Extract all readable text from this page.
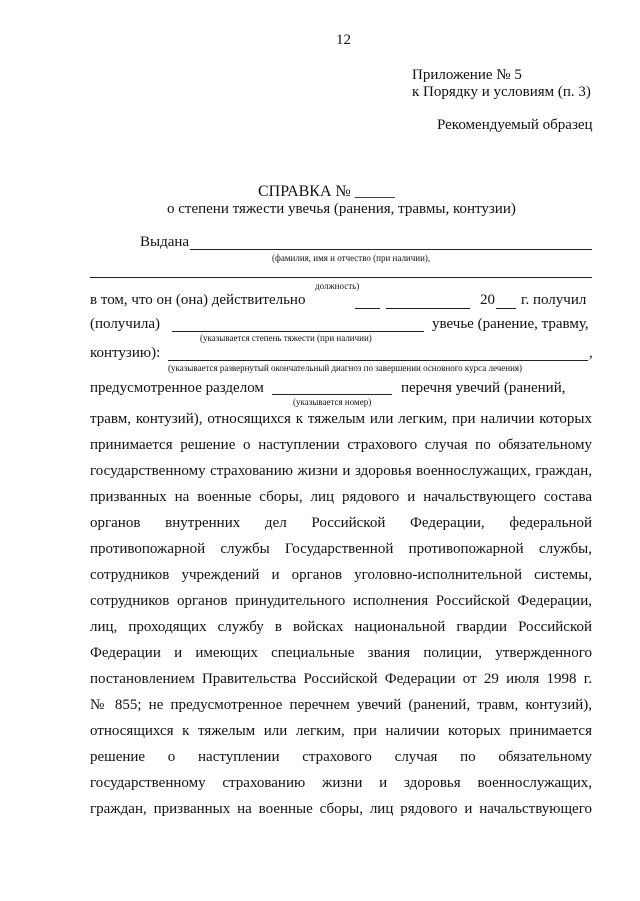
12
Приложение № 5
к Порядку и условиям (п. 3)
Рекомендуемый образец
СПРАВКА № _____
о степени тяжести увечья (ранения, травмы, контузии)
Выдана
(фамилия, имя и отчество (при наличии),
должность)
в том, что он (она) действительно	20 г. получил
(получила)	увечье (ранение, травму,
(указывается степень тяжести (при наличии)
контузию):	,
(указывается развернутый окончательный диагноз по завершении основного курса лечения)
предусмотренное разделом	перечня увечий (ранений,
(указывается номер)
травм, контузий), относящихся к тяжелым или легким, при наличии которых
принимается решение о наступлении страхового случая по обязательному
государственному страхованию жизни и здоровья военнослужащих, граждан,
призванных на военные сборы, лиц рядового и начальствующего состава
органов внутренних дел Российской Федерации, федеральной
противопожарной службы Государственной противопожарной службы,
сотрудников учреждений и органов уголовно-исполнительной системы,
сотрудников органов принудительного исполнения Российской Федерации,
лиц, проходящих службу в войсках национальной гвардии Российской
Федерации и имеющих специальные звания полиции, утвержденного
постановлением Правительства Российской Федерации от 29 июля 1998 г.
№ 855; не предусмотренное перечнем увечий (ранений, травм, контузий),
относящихся к тяжелым или легким, при наличии которых принимается
решение о наступлении страхового случая по обязательному
государственному страхованию жизни и здоровья военнослужащих,
граждан, призванных на военные сборы, лиц рядового и начальствующего
